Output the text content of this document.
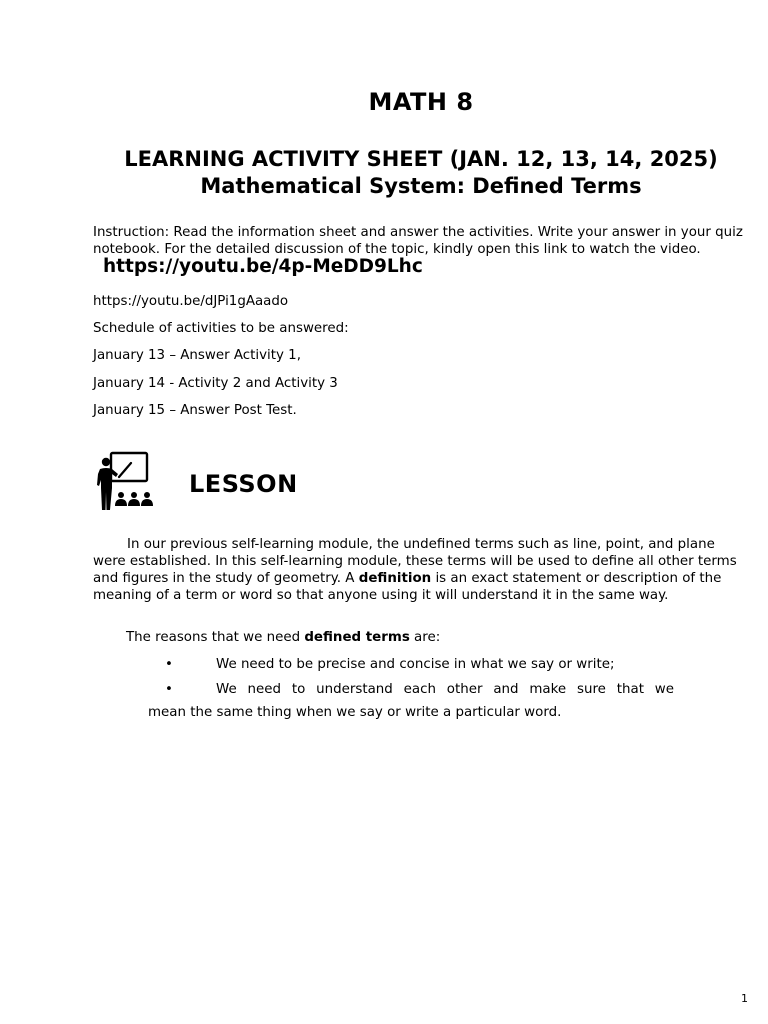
MATH 8
LEARNING ACTIVITY SHEET (JAN. 12, 13, 14, 2025)
Mathematical System: Defined Terms
Instruction: Read the information sheet and answer the activities. Write your answer in your quiz notebook. For the detailed discussion of the topic, kindly open this link to watch the video. https://youtu.be/4p-MeDD9Lhc
https://youtu.be/dJPi1gAaado
Schedule of activities to be answered:
January 13 – Answer Activity 1,
January 14 - Activity 2 and Activity 3
January 15 – Answer Post Test.
LESSON
In our previous self-learning module, the undefined terms such as line, point, and plane were established. In this self-learning module, these terms will be used to define all other terms and figures in the study of geometry. A definition is an exact statement or description of the meaning of a term or word so that anyone using it will understand it in the same way.
The reasons that we need defined terms are:
•	We need to be precise and concise in what we say or write;
•	We need to understand each other and make sure that we
mean the same thing when we say or write a particular word.
1
